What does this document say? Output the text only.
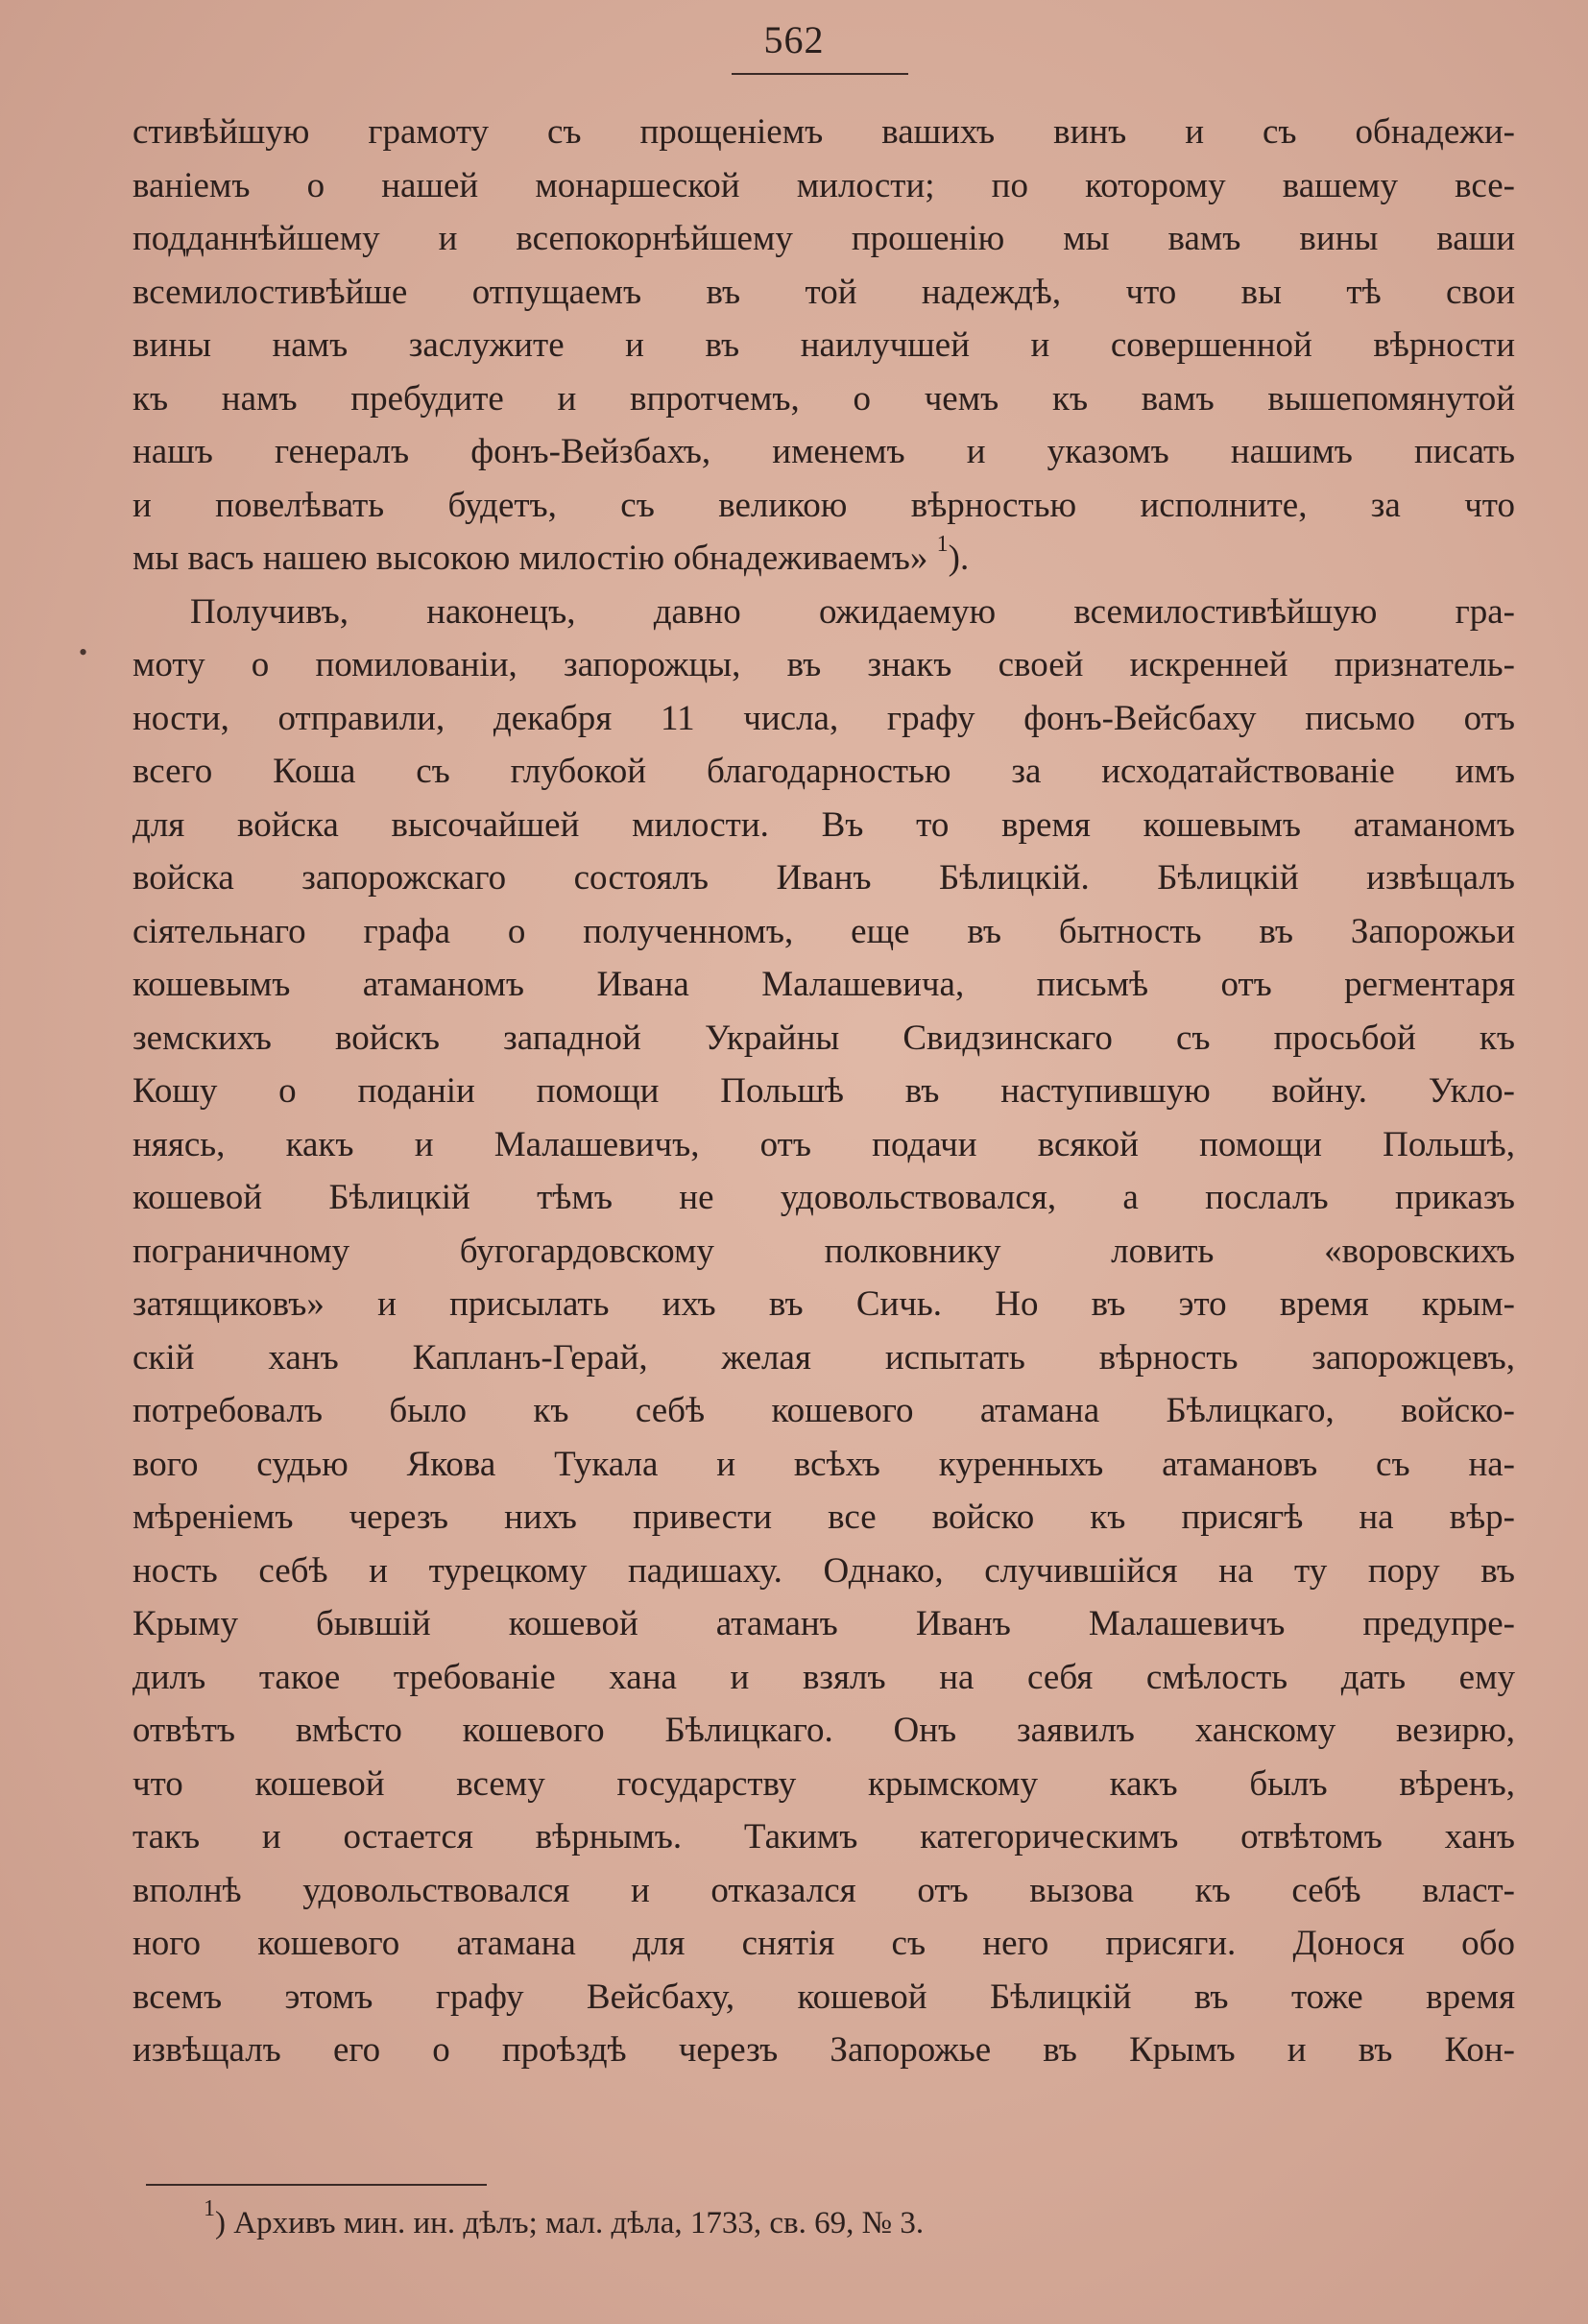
562
•
стивѣйшую грамоту съ прощеніемъ вашихъ винъ и съ обнадежи-
ваніемъ о нашей монаршеской милости; по которому вашему все-
подданнѣйшему и всепокорнѣйшему прошенію мы вамъ вины ваши
всемилостивѣйше отпущаемъ въ той надеждѣ, что вы тѣ свои
вины намъ заслужите и въ наилучшей и совершенной вѣрности
къ намъ пребудите и впротчемъ, о чемъ къ вамъ вышепомянутой
нашъ генералъ фонъ-Вейзбахъ, именемъ и указомъ нашимъ писать
и повелѣвать будетъ, съ великою вѣрностью исполните, за что
мы васъ нашею высокою милостію обнадеживаемъ» $^1$).
Получивъ, наконецъ, давно ожидаемую всемилостивѣйшую гра-
моту о помилованіи, запорожцы, въ знакъ своей искренней признатель-
ности, отправили, декабря 11 числа, графу фонъ-Вейсбаху письмо отъ
всего Коша съ глубокой благодарностью за исходатайствованіе имъ
для войска высочайшей милости. Въ то время кошевымъ атаманомъ
войска запорожскаго состоялъ Иванъ Бѣлицкій. Бѣлицкій извѣщалъ
сіятельнаго графа о полученномъ, еще въ бытность въ Запорожьи
кошевымъ атаманомъ Ивана Малашевича, письмѣ отъ регментаря
земскихъ войскъ западной Украйны Свидзинскаго съ просьбой къ
Кошу о поданіи помощи Польшѣ въ наступившую войну. Укло-
няясь, какъ и Малашевичъ, отъ подачи всякой помощи Польшѣ,
кошевой Бѣлицкій тѣмъ не удовольствовался, а послалъ приказъ
пограничному бугогардовскому полковнику ловить «воровскихъ
затящиковъ» и присылать ихъ въ Сичь. Но въ это время крым-
скій ханъ Капланъ-Герай, желая испытать вѣрность запорожцевъ,
потребовалъ было къ себѣ кошевого атамана Бѣлицкаго, войско-
вого судью Якова Тукала и всѣхъ куренныхъ атамановъ съ на-
мѣреніемъ черезъ нихъ привести все войско къ присягѣ на вѣр-
ность себѣ и турецкому падишаху. Однако, случившійся на ту пору въ
Крыму бывшій кошевой атаманъ Иванъ Малашевичъ предупре-
дилъ такое требованіе хана и взялъ на себя смѣлость дать ему
отвѣтъ вмѣсто кошевого Бѣлицкаго. Онъ заявилъ ханскому везирю,
что кошевой всему государству крымскому какъ былъ вѣренъ,
такъ и остается вѣрнымъ. Такимъ категорическимъ отвѣтомъ ханъ
вполнѣ удовольствовался и отказался отъ вызова къ себѣ власт-
ного кошевого атамана для снятія съ него присяги. Донося обо
всемъ этомъ графу Вейсбаху, кошевой Бѣлицкій въ тоже время
извѣщалъ его о проѣздѣ черезъ Запорожье въ Крымъ и въ Кон-
$^1$) Архивъ мин. ин. дѣлъ; мал. дѣла, 1733, св. 69, № 3.
